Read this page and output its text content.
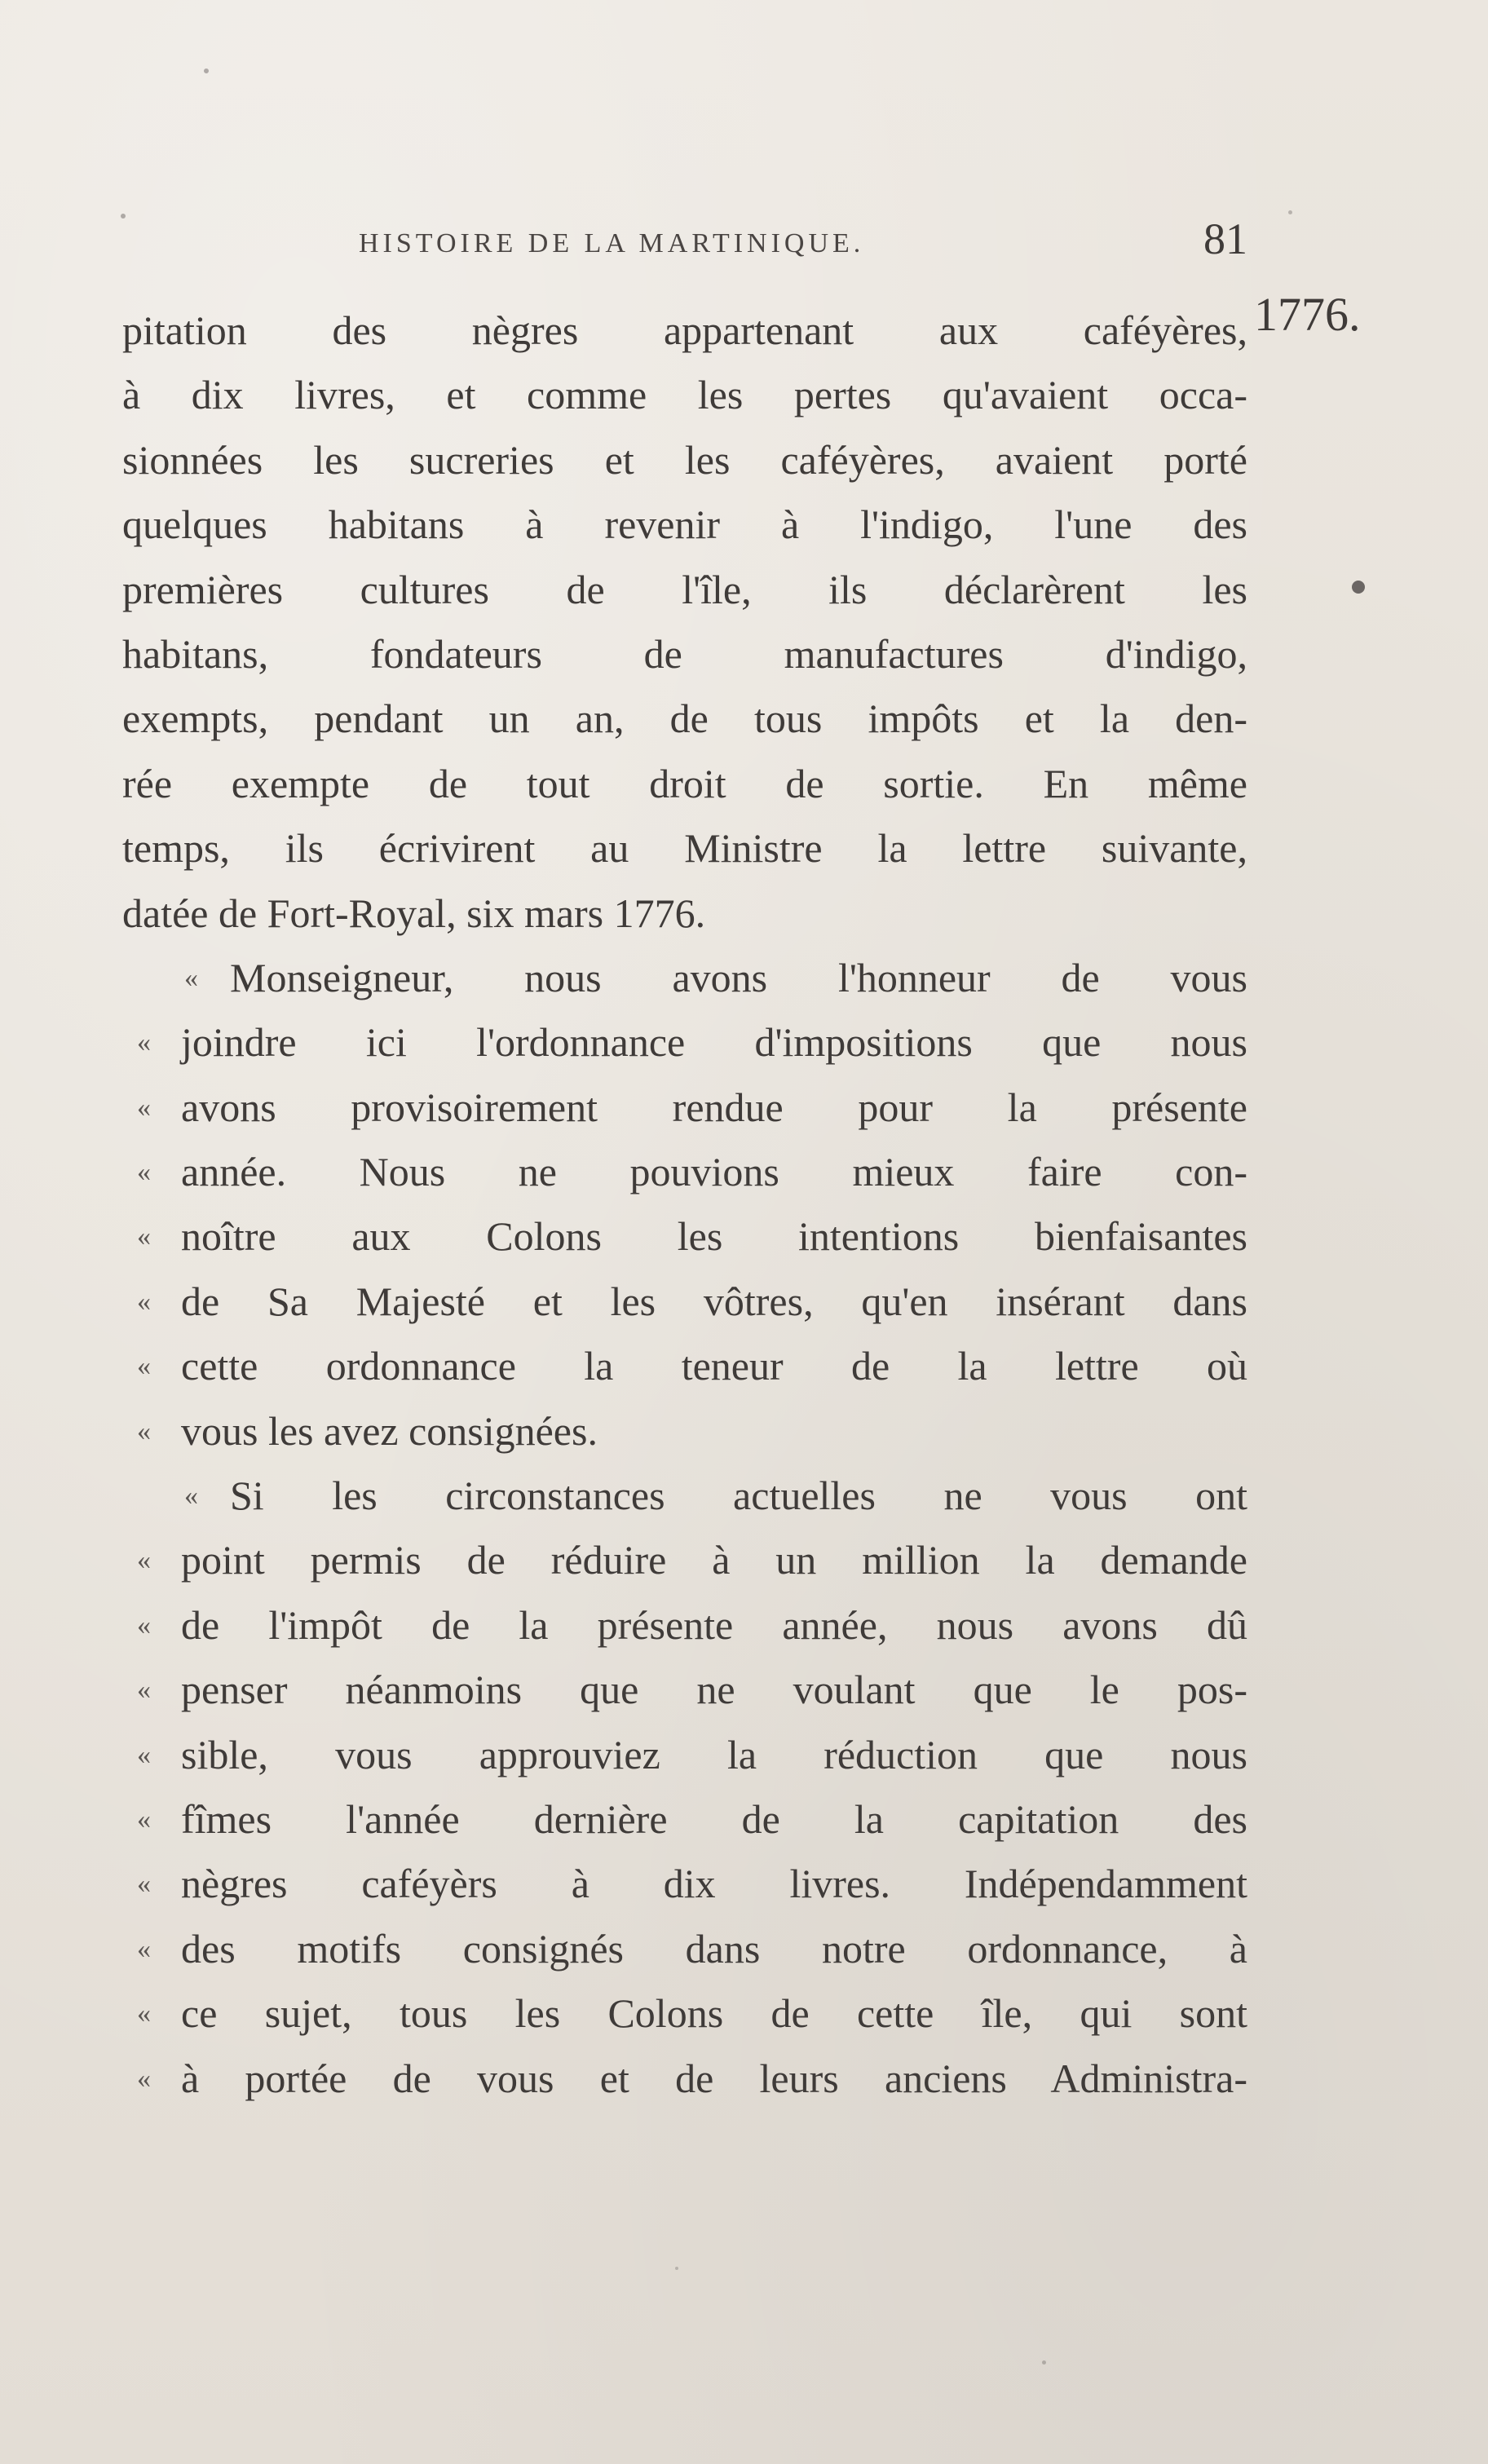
HISTOIRE DE LA MARTINIQUE.	81
1776.
pitation des nègres appartenant aux caféyères,
à dix livres, et comme les pertes qu'avaient occa-
sionnées les sucreries et les caféyères, avaient porté
quelques habitans à revenir à l'indigo, l'une des
premières cultures de l'île, ils déclarèrent les
habitans, fondateurs de manufactures d'indigo,
exempts, pendant un an, de tous impôts et la den-
rée exempte de tout droit de sortie. En même
temps, ils écrivirent au Ministre la lettre suivante,
datée de Fort-Royal, six mars 1776.
« Monseigneur, nous avons l'honneur de vous
« joindre ici l'ordonnance d'impositions que nous
« avons provisoirement rendue pour la présente
« année. Nous ne pouvions mieux faire con-
« noître aux Colons les intentions bienfaisantes
« de Sa Majesté et les vôtres, qu'en insérant dans
« cette ordonnance la teneur de la lettre où
« vous les avez consignées.
« Si les circonstances actuelles ne vous ont
« point permis de réduire à un million la demande
« de l'impôt de la présente année, nous avons dû
« penser néanmoins que ne voulant que le pos-
« sible, vous approuviez la réduction que nous
« fîmes l'année dernière de la capitation des
« nègres caféyèrs à dix livres. Indépendamment
« des motifs consignés dans notre ordonnance, à
« ce sujet, tous les Colons de cette île, qui sont
« à portée de vous et de leurs anciens Administra-
